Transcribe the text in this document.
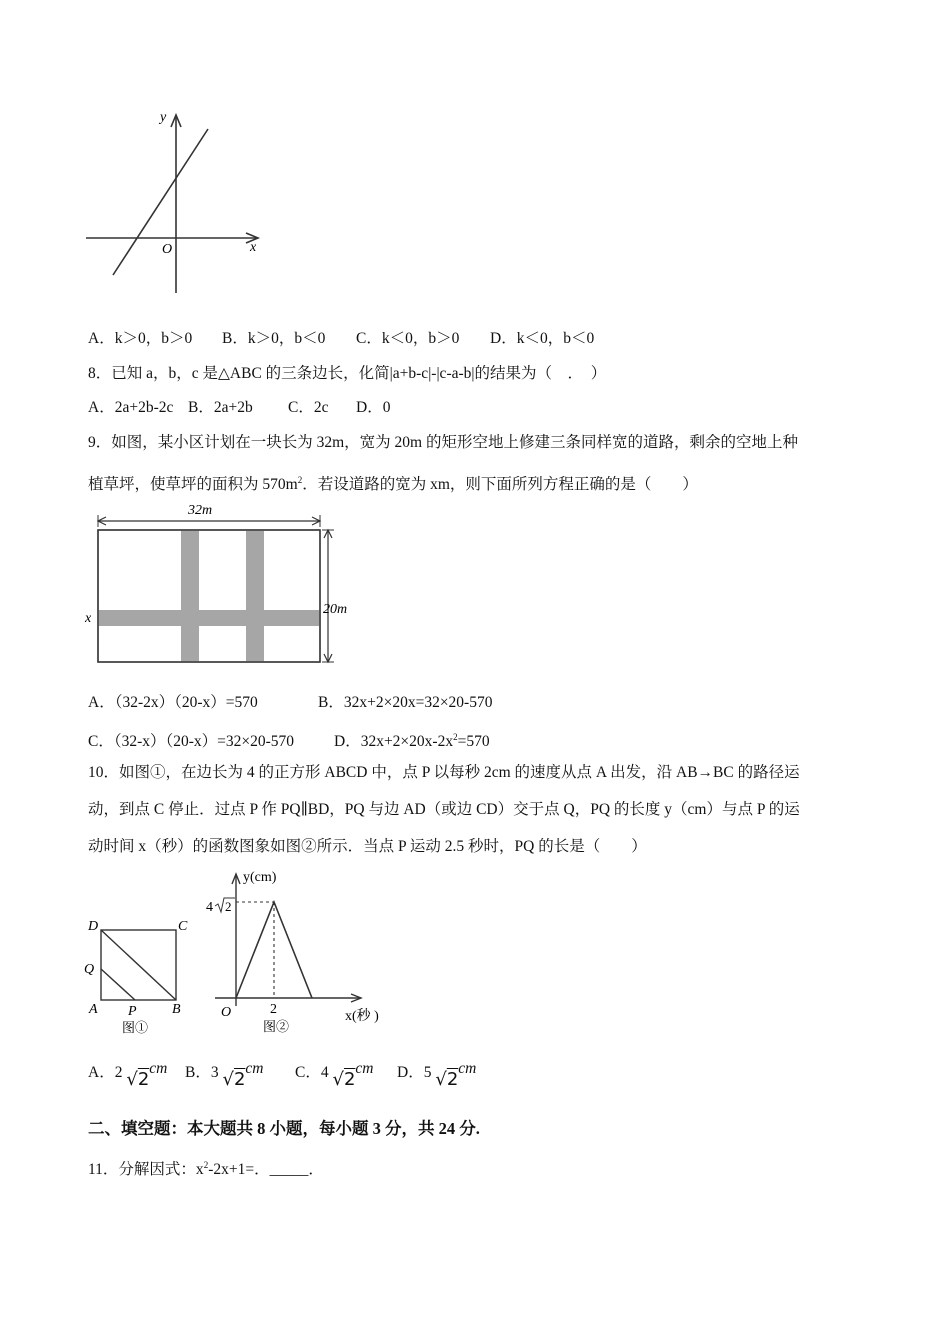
y
x
O
A．k＞0，b＞0 B．k＞0，b＜0 C．k＜0，b＞0 D．k＜0，b＜0
8．已知 a，b，c 是△ABC 的三条边长，化简|a+b-c|-|c-a-b|的结果为（　．　）
A．2a+2b-2c B．2a+2b C．2c D．0
9．如图，某小区计划在一块长为 32m，宽为 20m 的矩形空地上修建三条同样宽的道路，剩余的空地上种
植草坪，使草坪的面积为 $570m^2$．若设道路的宽为 xm，则下面所列方程正确的是（　　）
32m
20m
x
A．（32-2x）（20-x）=570	B．32x+2×20x=32×20-570
C．（32-x）（20-x）=32×20-570	D．$32x+2\times 20x-2x^2=570$
10．如图①，在边长为 4 的正方形 ABCD 中，点 P 以每秒 2cm 的速度从点 A 出发，沿 AB→BC 的路径运
动，到点 C 停止．过点 P 作 PQ∥BD，PQ 与边 AD（或边 CD）交于点 Q，PQ 的长度 y（cm）与点 P 的运
动时间 x（秒）的函数图象如图②所示．当点 P 运动 2.5 秒时，PQ 的长是（　　）
D	C
Q
A P	B
图①
y(cm)
4 2
2
O	x(秒 )
图②
A．2 √2cm B．3 √2cm C．4 √2cm D．5 √2cm
二、填空题：本大题共 8 小题，每小题 3 分，共 24 分.
11．分解因式：$x^2-2x+1=$．_____．
